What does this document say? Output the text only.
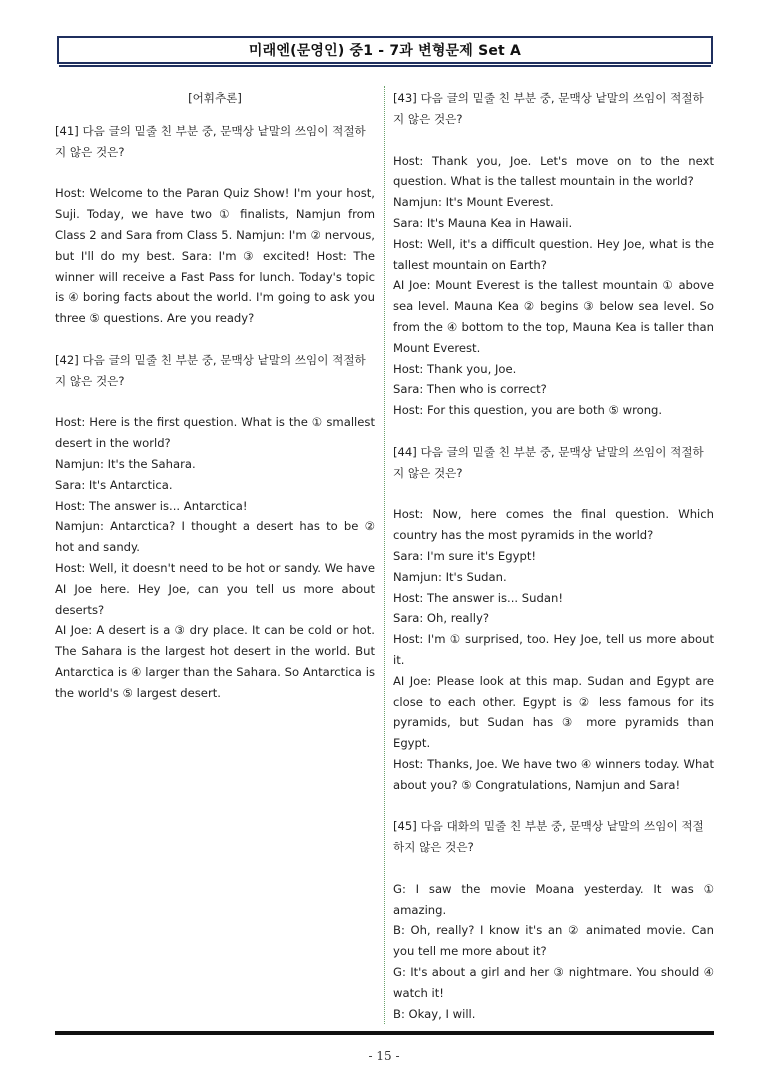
미래엔(문영인) 중1 - 7과 변형문제 Set A
[어휘추론]
[41] 다음 글의 밑줄 친 부분 중, 문맥상 낱말의 쓰임이 적절하지 않은 것은?
Host: Welcome to the Paran Quiz Show! I'm your host, Suji. Today, we have two ① finalists, Namjun from Class 2 and Sara from Class 5. Namjun: I'm ② nervous, but I'll do my best. Sara: I'm ③ excited! Host: The winner will receive a Fast Pass for lunch. Today's topic is ④ boring facts about the world. I'm going to ask you three ⑤ questions. Are you ready?
[42] 다음 글의 밑줄 친 부분 중, 문맥상 낱말의 쓰임이 적절하지 않은 것은?
Host: Here is the first question. What is the ① smallest desert in the world?
Namjun: It's the Sahara.
Sara: It's Antarctica.
Host: The answer is... Antarctica!
Namjun: Antarctica? I thought a desert has to be ② hot and sandy.
Host: Well, it doesn't need to be hot or sandy. We have AI Joe here. Hey Joe, can you tell us more about deserts?
AI Joe: A desert is a ③ dry place. It can be cold or hot. The Sahara is the largest hot desert in the world. But Antarctica is ④ larger than the Sahara. So Antarctica is the world's ⑤ largest desert.
[43] 다음 글의 밑줄 친 부분 중, 문맥상 낱말의 쓰임이 적절하지 않은 것은?
Host: Thank you, Joe. Let's move on to the next question. What is the tallest mountain in the world?
Namjun: It's Mount Everest.
Sara: It's Mauna Kea in Hawaii.
Host: Well, it's a difficult question. Hey Joe, what is the tallest mountain on Earth?
AI Joe: Mount Everest is the tallest mountain ① above sea level. Mauna Kea ② begins ③ below sea level. So from the ④ bottom to the top, Mauna Kea is taller than Mount Everest.
Host: Thank you, Joe.
Sara: Then who is correct?
Host: For this question, you are both ⑤ wrong.
[44] 다음 글의 밑줄 친 부분 중, 문맥상 낱말의 쓰임이 적절하지 않은 것은?
Host: Now, here comes the final question. Which country has the most pyramids in the world?
Sara: I'm sure it's Egypt!
Namjun: It's Sudan.
Host: The answer is... Sudan!
Sara: Oh, really?
Host: I'm ① surprised, too. Hey Joe, tell us more about it.
AI Joe: Please look at this map. Sudan and Egypt are close to each other. Egypt is ② less famous for its pyramids, but Sudan has ③ more pyramids than Egypt.
Host: Thanks, Joe. We have two ④ winners today. What about you? ⑤ Congratulations, Namjun and Sara!
[45] 다음 대화의 밑줄 친 부분 중, 문맥상 낱말의 쓰임이 적절하지 않은 것은?
G: I saw the movie Moana yesterday. It was ① amazing.
B: Oh, really? I know it's an ② animated movie. Can you tell me more about it?
G: It's about a girl and her ③ nightmare. You should ④ watch it!
B: Okay, I will.
- 15 -
